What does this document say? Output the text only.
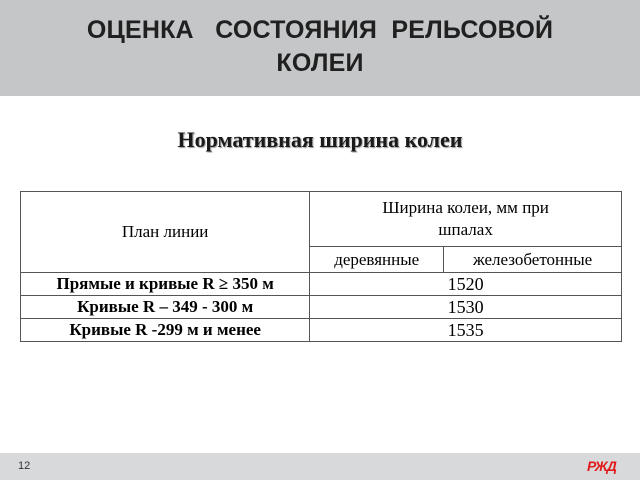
ОЦЕНКА   СОСТОЯНИЯ  РЕЛЬСОВОЙ
КОЛЕИ
Нормативная ширина колеи
План линии	Ширина колеи, мм при
шпалах	

	деревянные	железобетонные
Прямые и кривые R ≥ 350 м	1520	
Кривые R – 349 - 300 м	1530	
Кривые R -299 м и менее	1535	
12	РЖД
